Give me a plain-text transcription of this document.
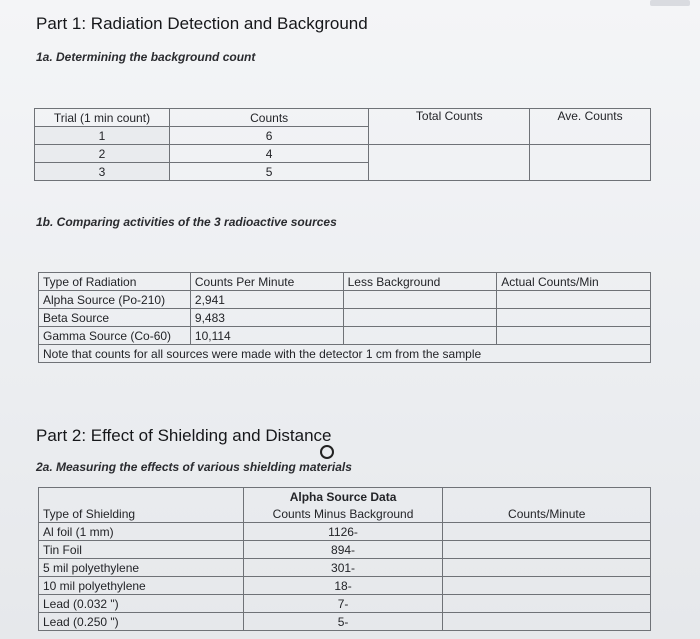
Part 1: Radiation Detection and Background
1a. Determining the background count
Trial (1 min count)	Counts	Total Counts	Ave. Counts
1	6		
2	4		
3	5		
1b. Comparing activities of the 3 radioactive sources
Type of Radiation	Counts Per Minute	Less Background	Actual Counts/Min
Alpha Source (Po-210)	2,941		
Beta Source	9,483		
Gamma Source (Co-60)	10,114		
Note that counts for all sources were made with the detector 1 cm from the sample			
Part 2: Effect of Shielding and Distance
2a. Measuring the effects of various shielding materials
	Alpha Source Data	
Type of Shielding	Counts Minus Background	Counts/Minute
Al foil (1 mm)	1126-	
Tin Foil	894-	
5 mil polyethylene	301-	
10 mil polyethylene	18-	
Lead (0.032 ")	7-	
Lead (0.250 ")	5-	
